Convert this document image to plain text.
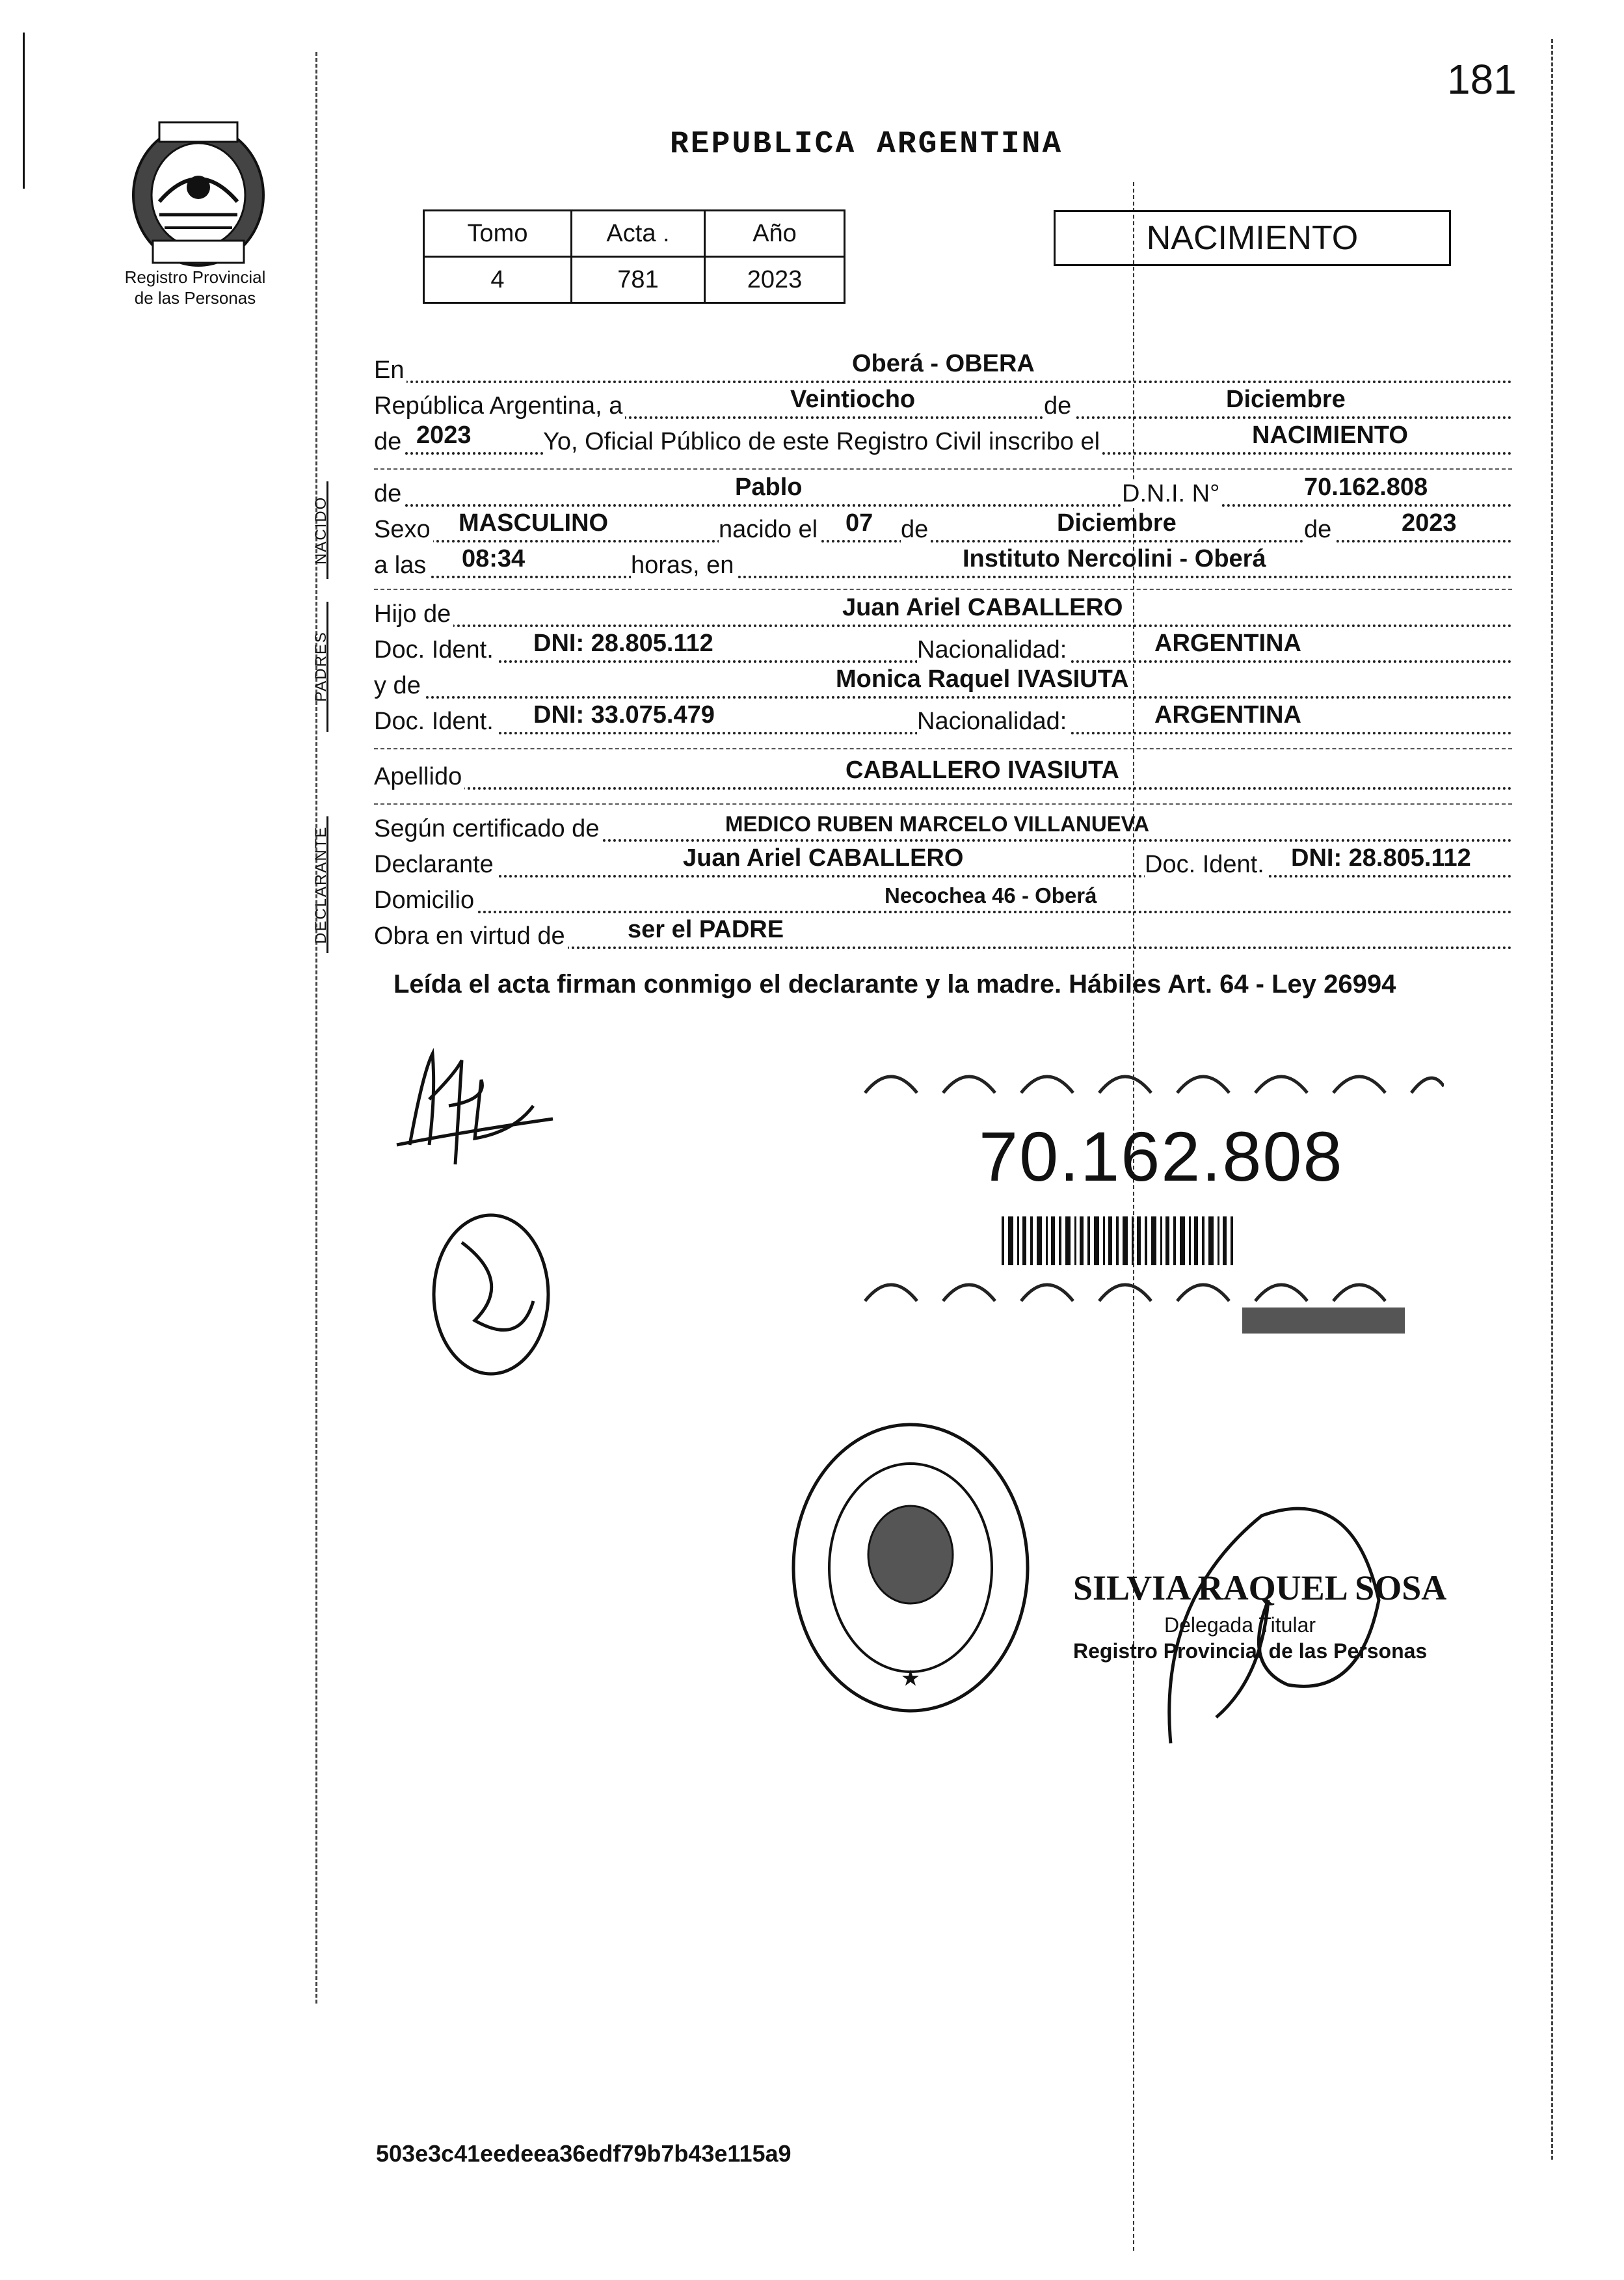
Registro Provincial
de las Personas
181
REPUBLICA ARGENTINA
Tomo	Acta .	Año
4	781	2023
NACIMIENTO
En	Oberá - OBERA
República Argentina, a	Veintiocho	de	Diciembre
de 2023	Yo, Oficial Público de este Registro Civil inscribo el	NACIMIENTO
NACIDO
de	Pablo	D.N.I. N°	70.162.808
Sexo MASCULINO	nacido el 07 de	Diciembre	de	2023
a las 08:34	horas, en	Instituto Nercolini - Oberá
PADRES
Hijo de	Juan Ariel CABALLERO
Doc. Ident. DNI: 28.805.112	Nacionalidad:	ARGENTINA
y de	Monica Raquel IVASIUTA
Doc. Ident. DNI: 33.075.479	Nacionalidad:	ARGENTINA
Apellido	CABALLERO IVASIUTA
DECLARANTE	Según certificado de	MEDICO RUBEN MARCELO VILLANUEVA
Declarante	Juan Ariel CABALLERO	Doc. Ident. DNI: 28.805.112
Domicilio	Necochea 46 - Oberá
Obra en virtud de	ser el PADRE
Leída el acta firman conmigo el declarante y la madre. Hábiles Art. 64 - Ley 26994
70.162.808
★
SILVIA RAQUEL SOSA
Delegada Titular
Registro Provincial de las Personas
503e3c41eedeea36edf79b7b43e115a9
